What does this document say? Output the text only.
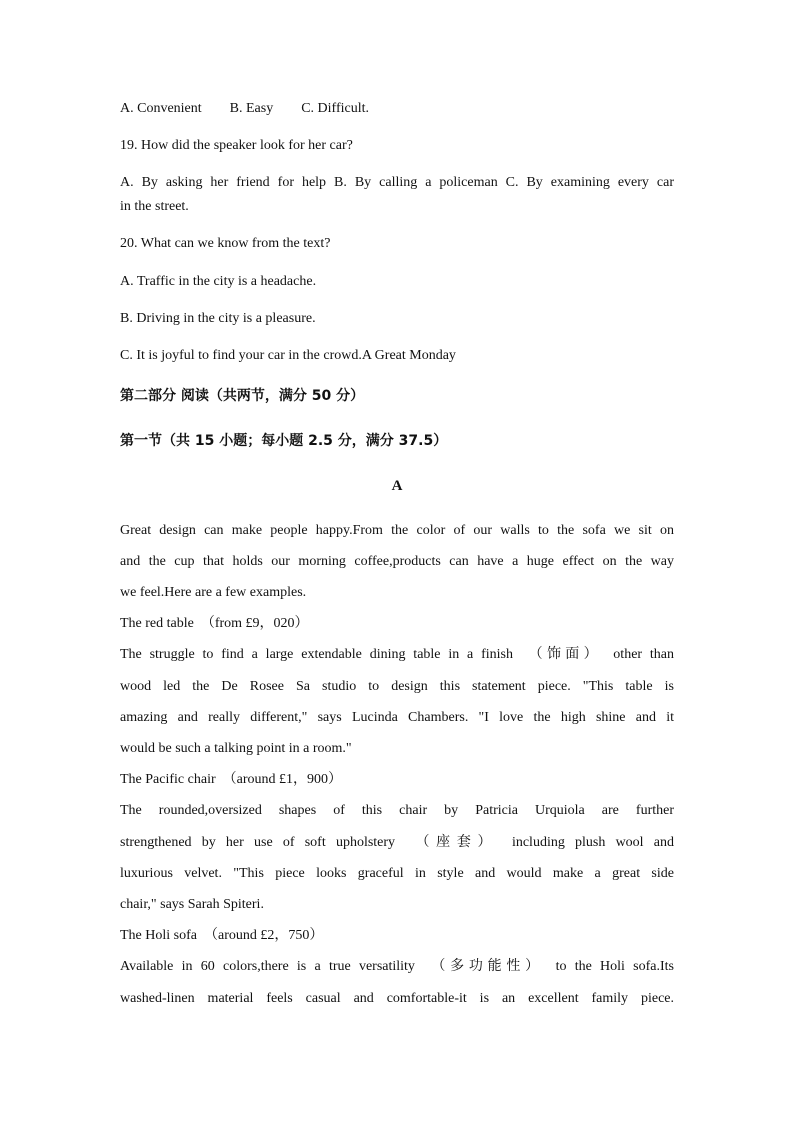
A. Convenient　　B. Easy　　C. Difficult.
19. How did the speaker look for her car?
A. By asking her friend for help B. By calling a policeman C. By examining every car
in the street.
20. What can we know from the text?
A. Traffic in the city is a headache.
B. Driving in the city is a pleasure.
C. It is joyful to find your car in the crowd.A Great Monday
第二部分 阅读（共两节，满分 50 分）
第一节（共 15 小题；每小题 2.5 分，满分 37.5）
A
Great design can make people happy.From the color of our walls to the sofa we sit on
and the cup that holds our morning coffee,products can have a huge effect on the way
we feel.Here are a few examples.
The red table　（from £9，020）
The struggle to find a large extendable dining table in a finish　（饰面）　other than
wood led the De Rosee Sa studio to design this statement piece. "This table is
amazing and really different," says Lucinda Chambers. "I love the high shine and it
would be such a talking point in a room."
The Pacific chair　（around £1，900）
The rounded,oversized shapes of this chair by Patricia Urquiola are further
strengthened by her use of soft upholstery　（座套）　including plush wool and
luxurious velvet. "This piece looks graceful in style and would make a great side
chair," says Sarah Spiteri.
The Holi sofa　（around £2，750）
Available in 60 colors,there is a true versatility　（多功能性）　to the Holi sofa.Its
washed-linen material feels casual and comfortable-it is an excellent family piece.
